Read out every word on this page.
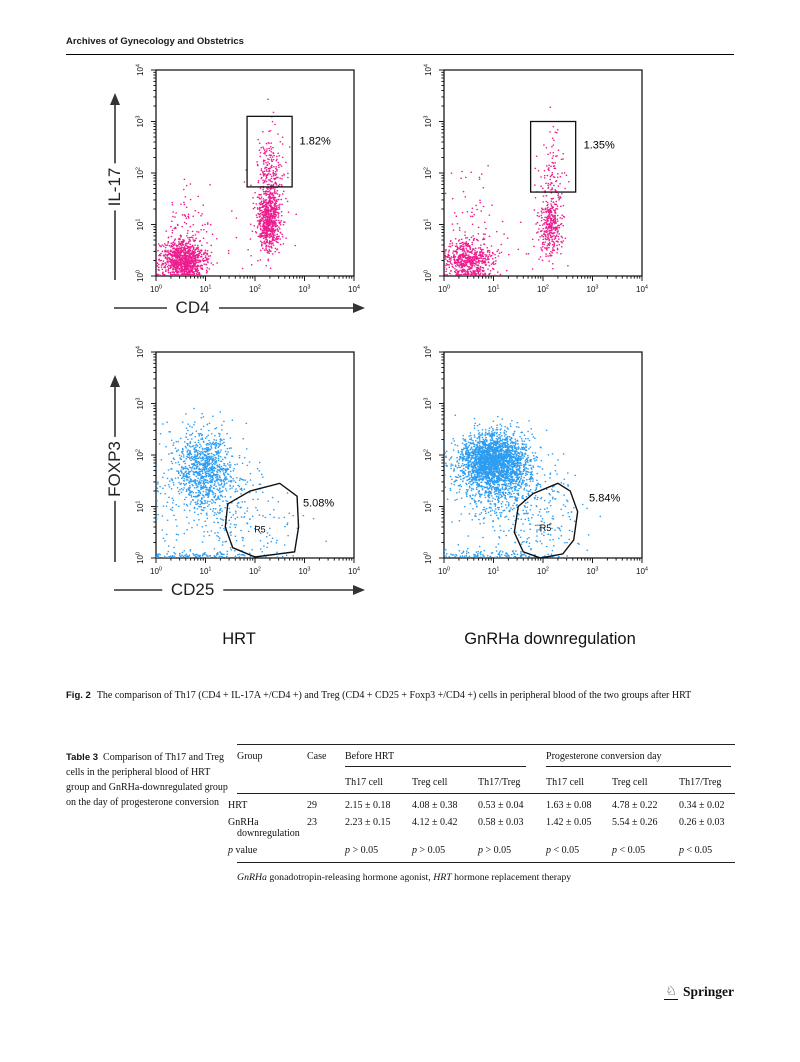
Archives of Gynecology and Obstetrics
$10^0$
$10^0$
$10^1$
$10^1$
$10^2$
$10^2$
$10^3$
$10^3$
$10^4$
$10^4$
1.82%
$10^0$
$10^0$
$10^1$
$10^1$
$10^2$
$10^2$
$10^3$
$10^3$
$10^4$
$10^4$
1.35%
$10^0$
$10^0$
$10^1$
$10^1$
$10^2$
$10^2$
$10^3$
$10^3$
$10^4$
$10^4$
5.08%
R5
$10^0$
$10^0$
$10^1$
$10^1$
$10^2$
$10^2$
$10^3$
$10^3$
$10^4$
$10^4$
5.84%
R5
IL-17
CD4
FOXP3
CD25
HRT	GnRHa downregulation
Fig. 2 The comparison of Th17 (CD4 + IL-17A +/CD4 +) and Treg (CD4 + CD25 + Foxp3 +/CD4 +) cells in peripheral blood of the two groups after HRT
Table 3 Comparison of Th17 and Treg cells in the peripheral blood of HRT group and GnRHa-downregulated group on the day of progesterone conversion
Group	Case	Before HRT			Progesterone conversion day		

		Th17 cell	Treg cell	Th17/Treg	Th17 cell	Treg cell	Th17/Treg
HRT	29	2.15 ± 0.18	4.08 ± 0.38	0.53 ± 0.04	1.63 ± 0.08	4.78 ± 0.22	0.34 ± 0.02
GnRHa downregulation	23	2.23 ± 0.15	4.12 ± 0.42	0.58 ± 0.03	1.42 ± 0.05	5.54 ± 0.26	0.26 ± 0.03
p value		p > 0.05	p > 0.05	p > 0.05	p < 0.05	p < 0.05	p < 0.05
GnRHa gonadotropin-releasing hormone agonist, HRT hormone replacement therapy
♘ Springer
